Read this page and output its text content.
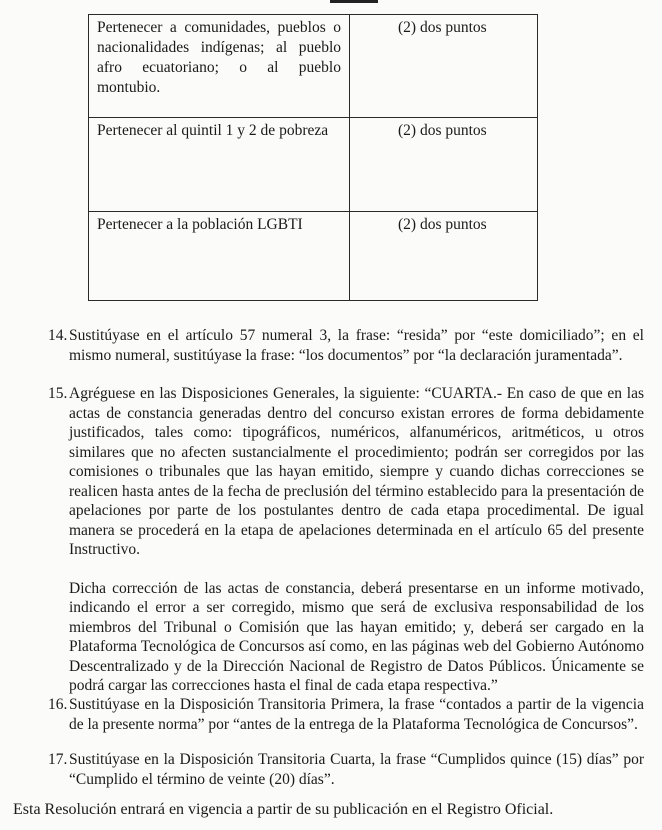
Pertenecer a comunidades, pueblos o nacionalidades indígenas; al pueblo afro ecuatoriano; o al pueblo montubio.	(2) dos puntos
Pertenecer al quintil 1 y 2 de pobreza	(2) dos puntos
Pertenecer a la población LGBTI	(2) dos puntos
14. Sustitúyase en el artículo 57 numeral 3, la frase: “resida” por “este domiciliado”; en el mismo numeral, sustitúyase la frase: “los documentos” por “la declaración juramentada”.

15. Agréguese en las Disposiciones Generales, la siguiente: “CUARTA.- En caso de que en las actas de constancia generadas dentro del concurso existan errores de forma debidamente justificados, tales como: tipográficos, numéricos, alfanuméricos, aritméticos, u otros similares que no afecten sustancialmente el procedimiento; podrán ser corregidos por las comisiones o tribunales que las hayan emitido, siempre y cuando dichas correcciones se realicen hasta antes de la fecha de preclusión del término establecido para la presentación de apelaciones por parte de los postulantes dentro de cada etapa procedimental. De igual manera se procederá en la etapa de apelaciones determinada en el artículo 65 del presente Instructivo.

Dicha corrección de las actas de constancia, deberá presentarse en un informe motivado, indicando el error a ser corregido, mismo que será de exclusiva responsabilidad de los miembros del Tribunal o Comisión que las hayan emitido; y, deberá ser cargado en la Plataforma Tecnológica de Concursos así como, en las páginas web del Gobierno Autónomo Descentralizado y de la Dirección Nacional de Registro de Datos Públicos. Únicamente se podrá cargar las correcciones hasta el final de cada etapa respectiva.”

16. Sustitúyase en la Disposición Transitoria Primera, la frase “contados a partir de la vigencia de la presente norma” por “antes de la entrega de la Plataforma Tecnológica de Concursos”.

17. Sustitúyase en la Disposición Transitoria Cuarta, la frase “Cumplidos quince (15) días” por “Cumplido el término de veinte (20) días”.

Esta Resolución entrará en vigencia a partir de su publicación en el Registro Oficial.
